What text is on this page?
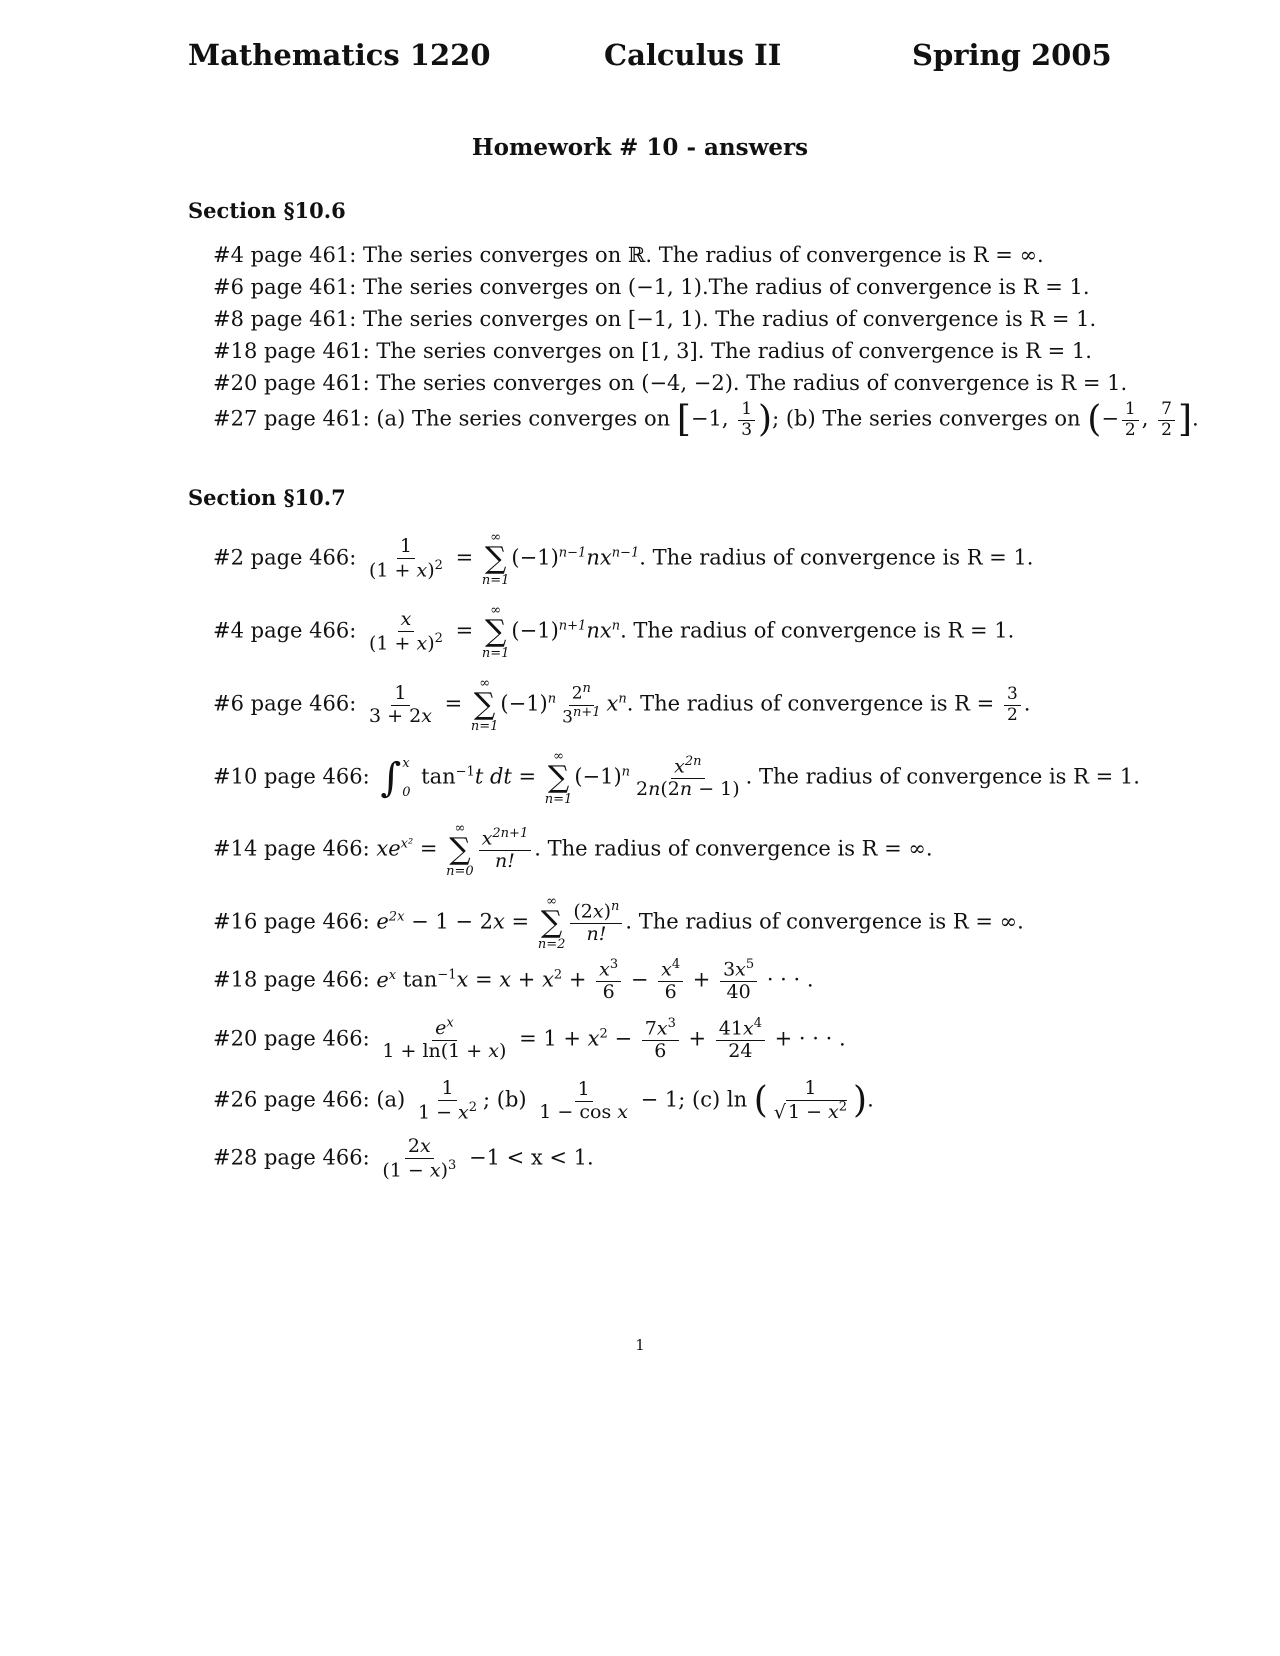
Mathematics 1220	Calculus II	Spring 2005
Homework # 10 - answers
Section §10.6
#4 page 461: The series converges on ℝ. The radius of convergence is R = ∞.
#6 page 461: The series converges on (−1, 1).The radius of convergence is R = 1.
#8 page 461: The series converges on [−1, 1). The radius of convergence is R = 1.
#18 page 461: The series converges on [1, 3]. The radius of convergence is R = 1.
#20 page 461: The series converges on (−4, −2). The radius of convergence is R = 1.
#27 page 461: (a) The series converges on [−1, $\frac{1}{3}$ ); (b) The series converges on (− $\frac{1}{2}$ , $\frac{7}{2}$ ].
Section §10.7
#2 page 466: $\frac{1}{(1 + x)^2}$ =
∞
∑
n=1
$(-1)^{n-1}nx^{n-1}$. The radius of convergence is R = 1.
#4 page 466: $\frac{x}{(1 + x)^2}$ =
∞
∑
n=1
$(-1)^{n+1}nx^n$. The radius of convergence is R = 1.
#6 page 466: $\frac{1}{3 + 2x}$ =
∞
∑
n=1
$(-1)^n \frac{2^n}{3^{n+1}} x^n$. The radius of convergence is $R = \frac{3}{2}$ .
#10 page 466: ∫ x
0
$\tan^{-1}t$ dt =
∞
∑
n=1
$(-1)^n \frac{x^{2n}}{2n(2n - 1)}$ . The radius of convergence is R = 1.
#14 page 466: $xe^{x^2}$ =
∞
∑
$n=0 \frac{x^{2n+1}}{n!}$ . The radius of convergence is R = ∞.
#16 page 466: $e^{2x} - 1 - 2x$ =
∞
∑
$n=2 \frac{(2x)^n}{n!}$ . The radius of convergence is R = ∞.
#18 page 466: $e^x$ $\tan^{-1}x = x + x^2 + \frac{x^3}{6} - \frac{x^4}{6} + \frac{3x^5}{40}$ · · · .
#20 page 466: $\frac{e^x}{1 + \ln(1 + x)} = 1 + x^2 - \frac{7x^3}{6} + \frac{41x^4}{24}$ + · · · .
#26 page 466: $(a) \frac{1}{1 - x^2}$ ; $(b) \frac{1}{\text{1 − cos x}} - 1$; (c) ln ( $\frac{1}{√ 1 - x^2}$ ).
#28 page 466: $\frac{2x}{(1 - x)^3} -1 < x < 1$.
1
